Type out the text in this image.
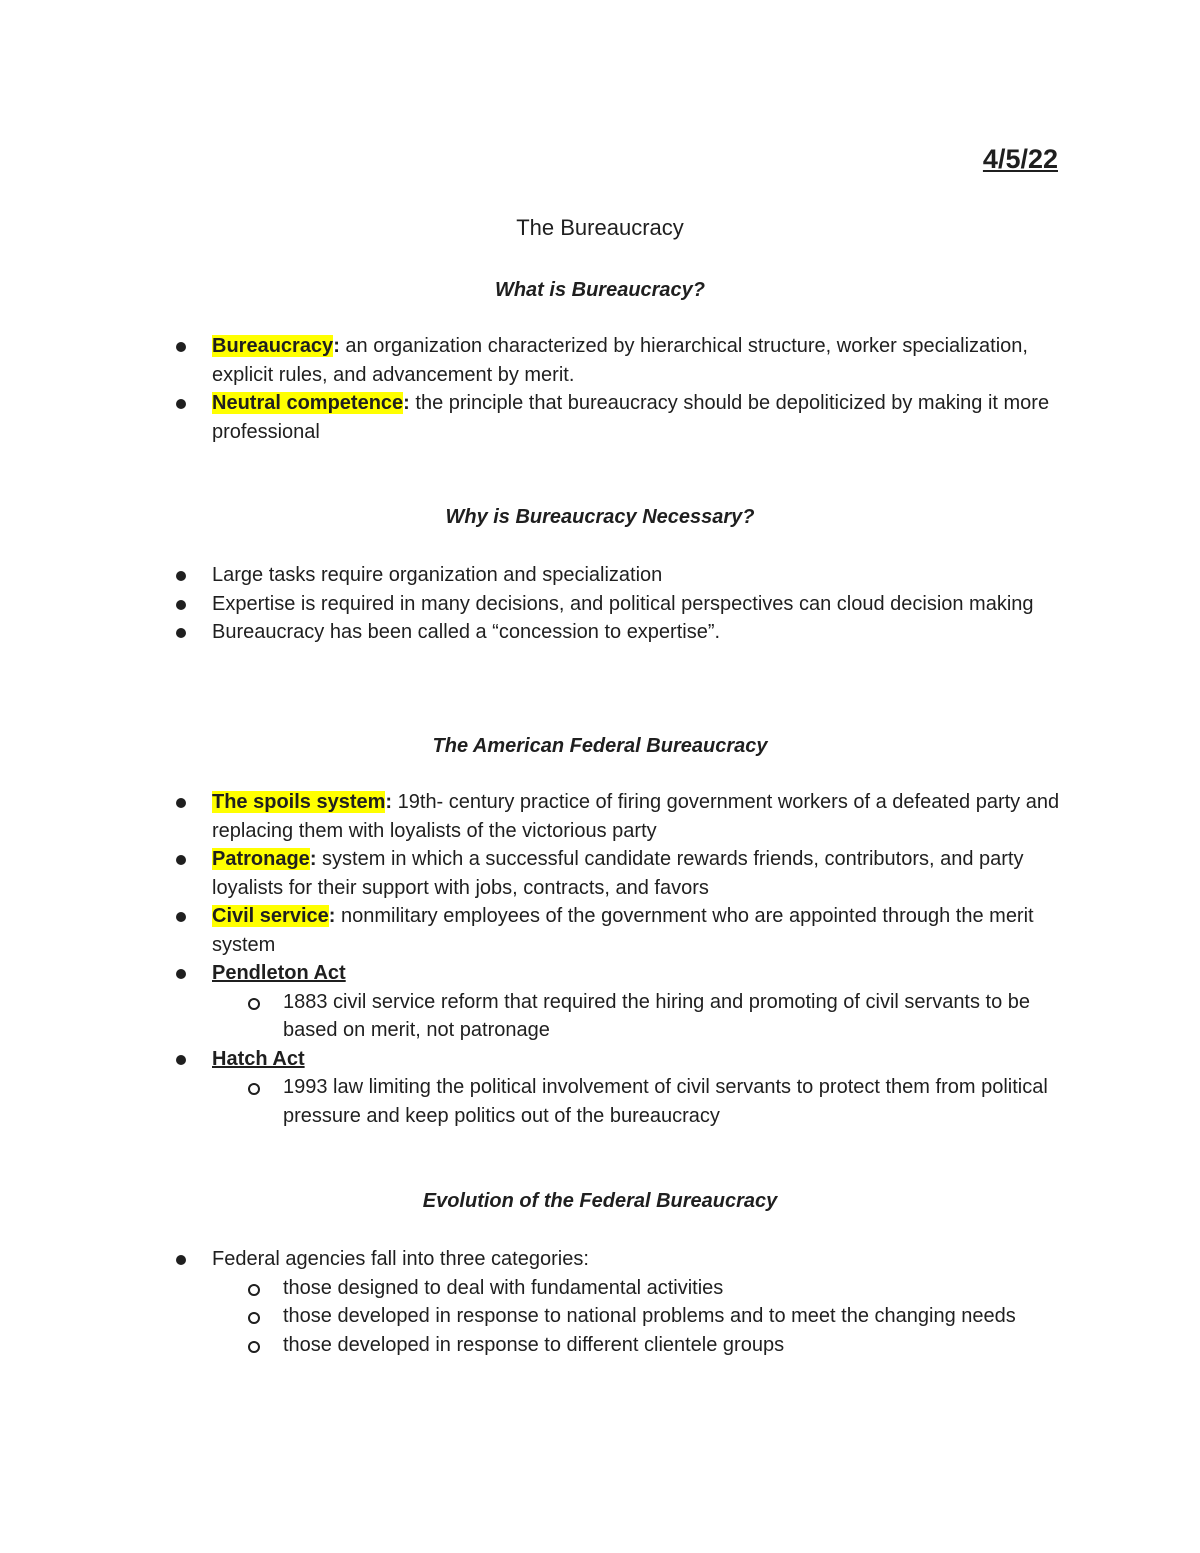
4/5/22
The Bureaucracy
What is Bureaucracy?
Bureaucracy: an organization characterized by hierarchical structure, worker specialization, explicit rules, and advancement by merit.
Neutral competence: the principle that bureaucracy should be depoliticized by making it more professional
Why is Bureaucracy Necessary?
Large tasks require organization and specialization
Expertise is required in many decisions, and political perspectives can cloud decision making
Bureaucracy has been called a “concession to expertise”.
The American Federal Bureaucracy
The spoils system: 19th- century practice of firing government workers of a defeated party and replacing them with loyalists of the victorious party
Patronage: system in which a successful candidate rewards friends, contributors, and party loyalists for their support with jobs, contracts, and favors
Civil service: nonmilitary employees of the government who are appointed through the merit system
Pendleton Act
1883 civil service reform that required the hiring and promoting of civil servants to be based on merit, not patronage
Hatch Act
1993 law limiting the political involvement of civil servants to protect them from political pressure and keep politics out of the bureaucracy
Evolution of the Federal Bureaucracy
Federal agencies fall into three categories:
those designed to deal with fundamental activities
those developed in response to national problems and to meet the changing needs
those developed in response to different clientele groups
